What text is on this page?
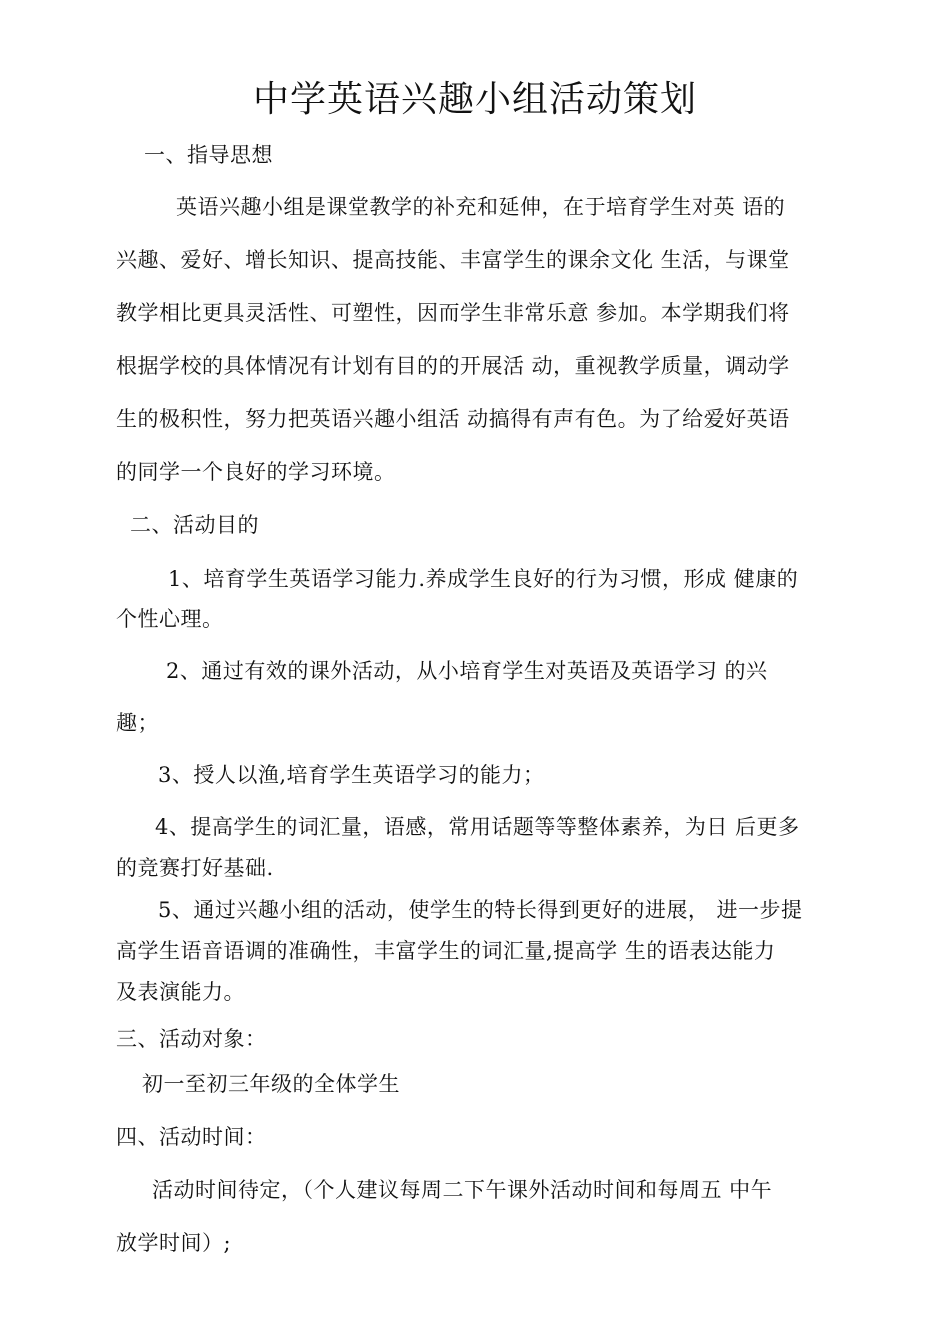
中学英语兴趣小组活动策划
一、指导思想
英语兴趣小组是课堂教学的补充和延伸，在于培育学生对英 语的
兴趣、爱好、增长知识、提高技能、丰富学生的课余文化 生活，与课堂
教学相比更具灵活性、可塑性，因而学生非常乐意 参加。本学期我们将
根据学校的具体情况有计划有目的的开展活 动，重视教学质量，调动学
生的极积性，努力把英语兴趣小组活 动搞得有声有色。为了给爱好英语
的同学一个良好的学习环境。
二、活动目的
1、培育学生英语学习能力.养成学生良好的行为习惯，形成 健康的
个性心理。
2、通过有效的课外活动，从小培育学生对英语及英语学习 的兴
趣；
3、授人以渔,培育学生英语学习的能力；
4、提高学生的词汇量，语感，常用话题等等整体素养，为日 后更多
的竞赛打好基础.
5、通过兴趣小组的活动，使学生的特长得到更好的进展， 进一步提
高学生语音语调的准确性，丰富学生的词汇量,提高学 生的语表达能力
及表演能力。
三、活动对象：
初一至初三年级的全体学生
四、活动时间：
活动时间待定，（个人建议每周二下午课外活动时间和每周五 中午
放学时间）;
